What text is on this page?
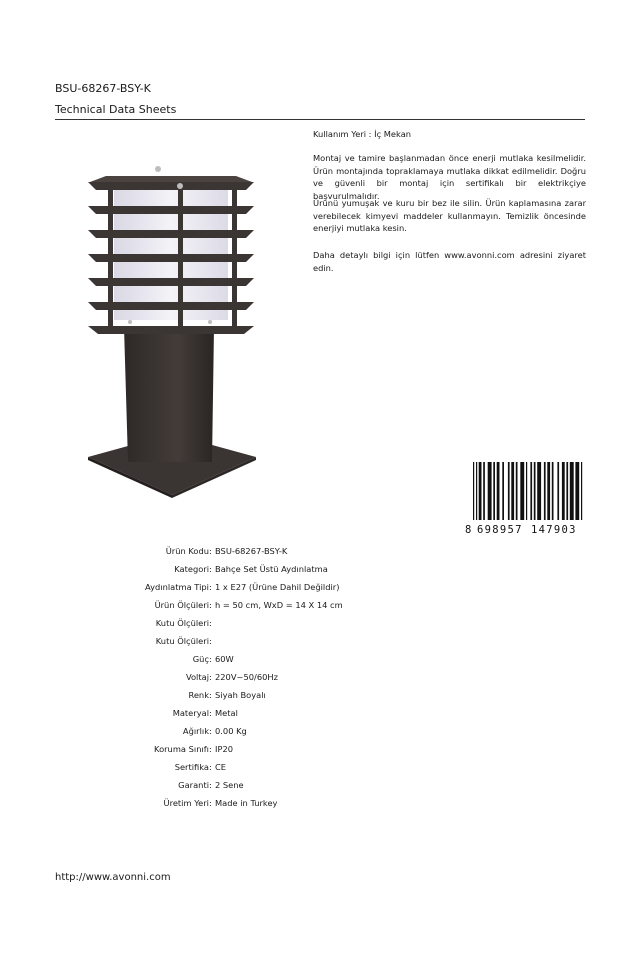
BSU-68267-BSY-K
Technical Data Sheets
Kullanım Yeri : İç Mekan
Montaj ve tamire başlanmadan önce enerji mutlaka kesilmelidir. Ürün montajında topraklamaya mutlaka dikkat edilmelidir. Doğru ve güvenli bir montaj için sertifikalı bir elektrikçiye başvurulmalıdır.
Ürünü yumuşak ve kuru bir bez ile silin. Ürün kaplamasına zarar verebilecek kimyevi maddeler kullanmayın. Temizlik öncesinde enerjiyi mutlaka kesin.
Daha detaylı bilgi için lütfen www.avonni.com adresini ziyaret edin.
8 698957 147903
Ürün Kodu : BSU-68267-BSY-K
Kategori : Bahçe Set Üstü Aydınlatma
Aydınlatma Tipi : 1 x E27 (Ürüne Dahil Değildir)
Ürün Ölçüleri : h = 50 cm, WxD = 14 X 14 cm
Kutu Ölçüleri :
Kutu Ölçüleri :
Güç : 60W
Voltaj : 220V~50/60Hz
Renk : Siyah Boyalı
Materyal : Metal
Ağırlık : 0.00 Kg
Koruma Sınıfı : IP20
Sertifika : CE
Garanti : 2 Sene
Üretim Yeri : Made in Turkey
http://www.avonni.com
